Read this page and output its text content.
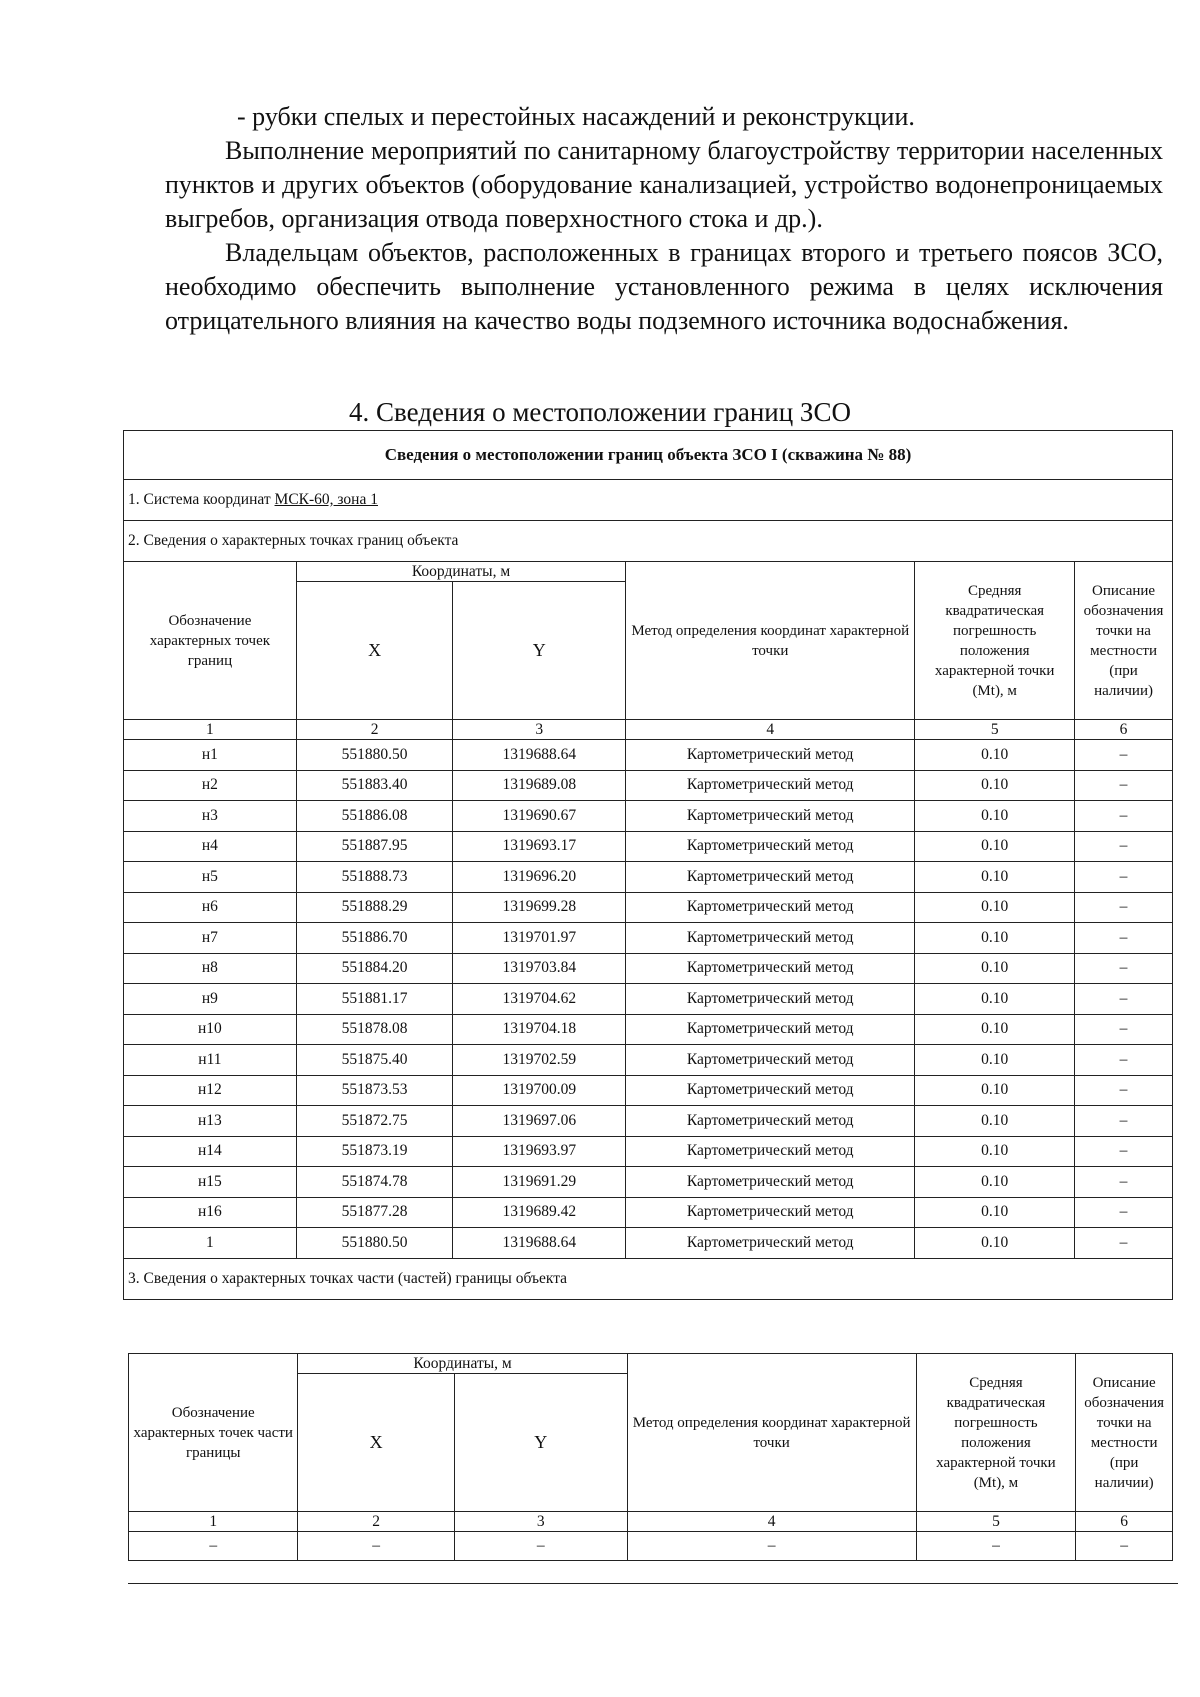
- рубки спелых и перестойных насаждений и реконструкции.
Выполнение мероприятий по санитарному благоустройству территории населенных пунктов и других объектов (оборудование канализацией, устройство водонепроницаемых выгребов, организация отвода поверхностного стока и др.).
Владельцам объектов, расположенных в границах второго и третьего поясов ЗСО, необходимо обеспечить выполнение установленного режима в целях исключения отрицательного влияния на качество воды подземного источника водоснабжения.
4. Сведения о местоположении границ ЗСО
Сведения о местоположении границ объекта ЗСО I (скважина № 88)					
1. Система координат МСК-60, зона 1					
2. Сведения о характерных точках границ объекта					
Обозначение характерных точек границ	Координаты, м		Метод определения координат характерной точки	Средняя квадратическая погрешность положения характерной точки (Mt), м	Описание обозначения точки на местности (при наличии)
	X	Y			
1	2	3	4	5	6
н1	551880.50	1319688.64	Картометрический метод	0.10	–
н2	551883.40	1319689.08	Картометрический метод	0.10	–
н3	551886.08	1319690.67	Картометрический метод	0.10	–
н4	551887.95	1319693.17	Картометрический метод	0.10	–
н5	551888.73	1319696.20	Картометрический метод	0.10	–
н6	551888.29	1319699.28	Картометрический метод	0.10	–
н7	551886.70	1319701.97	Картометрический метод	0.10	–
н8	551884.20	1319703.84	Картометрический метод	0.10	–
н9	551881.17	1319704.62	Картометрический метод	0.10	–
н10	551878.08	1319704.18	Картометрический метод	0.10	–
н11	551875.40	1319702.59	Картометрический метод	0.10	–
н12	551873.53	1319700.09	Картометрический метод	0.10	–
н13	551872.75	1319697.06	Картометрический метод	0.10	–
н14	551873.19	1319693.97	Картометрический метод	0.10	–
н15	551874.78	1319691.29	Картометрический метод	0.10	–
н16	551877.28	1319689.42	Картометрический метод	0.10	–
1	551880.50	1319688.64	Картометрический метод	0.10	–
3. Сведения о характерных точках части (частей) границы объекта					
Обозначение характерных точек части границы	Координаты, м		Метод определения координат характерной точки	Средняя квадратическая погрешность положения характерной точки (Mt), м	Описание обозначения точки на местности (при наличии)
	X	Y			
1	2	3	4	5	6
–	–	–	–	–	–
